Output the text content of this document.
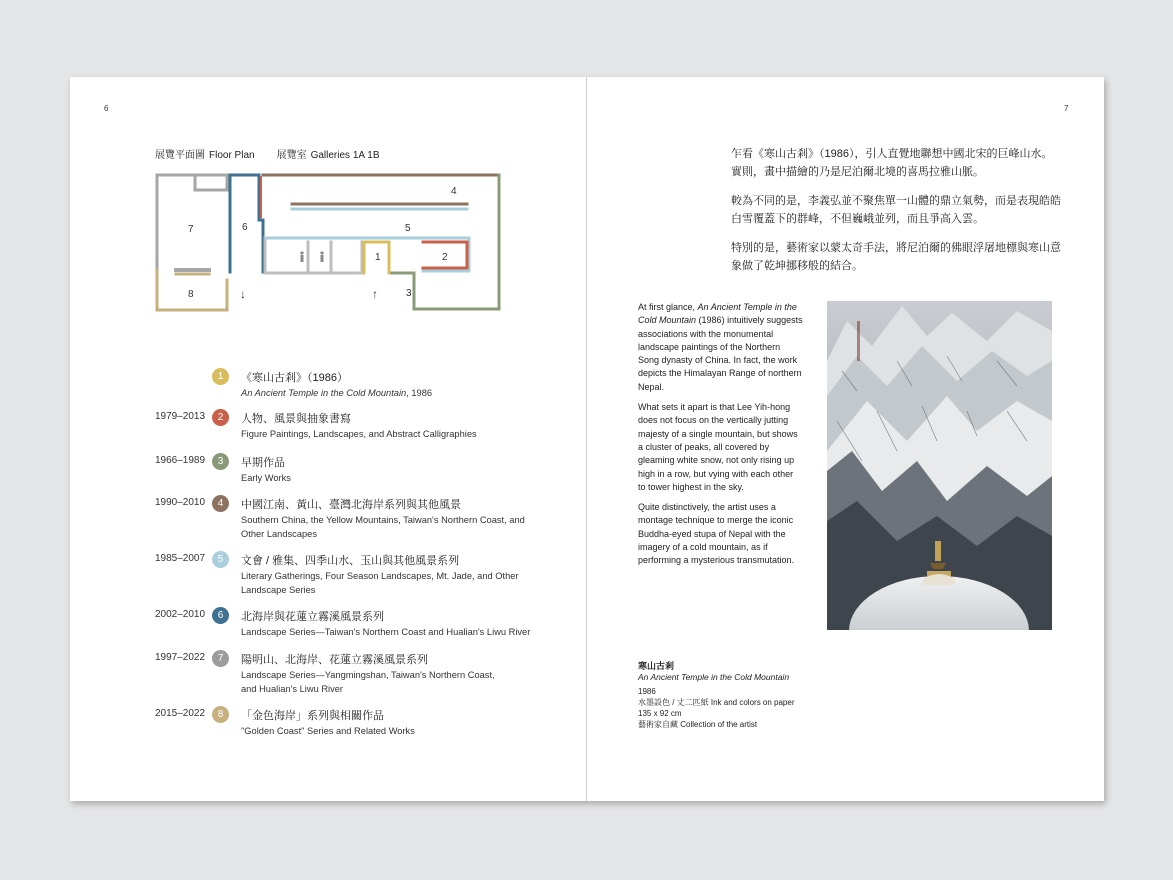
6	7
展覽平面圖 Floor Plan 展覽室 Galleries 1A 1B
1	2
3
4
5
6
7
8	↓	↑
1	《寒山古剎》（1986）
An Ancient Temple in the Cold Mountain, 1986
1979–2013	2	人物、風景與抽象書寫
Figure Paintings, Landscapes, and Abstract Calligraphies
1966–1989	3	早期作品
Early Works
1990–2010	4	中國江南、黃山、臺灣北海岸系列與其他風景
Southern China, the Yellow Mountains, Taiwan's Northern Coast, and Other Landscapes
1985–2007	5	文會 / 雅集、四季山水、玉山與其他風景系列
Literary Gatherings, Four Season Landscapes, Mt. Jade, and Other Landscape Series
2002–2010	6	北海岸與花蓮立霧溪風景系列
Landscape Series—Taiwan's Northern Coast and Hualian's Liwu River
1997–2022	7	陽明山、北海岸、花蓮立霧溪風景系列
Landscape Series—Yangmingshan, Taiwan's Northern Coast, and Hualian's Liwu River
2015–2022	8	「金色海岸」系列與相關作品
"Golden Coast" Series and Related Works

乍看《寒山古剎》（1986），引人直覺地聯想中國北宋的巨峰山水。實則，畫中描繪的乃是尼泊爾北境的喜馬拉雅山脈。

較為不同的是，李義弘並不聚焦單一山體的鼎立氣勢，而是表現皓皓白雪覆蓋下的群峰，不但巍峨並列，而且爭高入雲。

特別的是，藝術家以蒙太奇手法，將尼泊爾的佛眼浮屠地標與寒山意象做了乾坤挪移般的結合。

At first glance, An Ancient Temple in the Cold Mountain (1986) intuitively suggests associations with the monumental landscape paintings of the Northern Song dynasty of China. In fact, the work depicts the Himalayan Range of northern Nepal.

What sets it apart is that Lee Yih-hong does not focus on the vertically jutting majesty of a single mountain, but shows a cluster of peaks, all covered by gleaming white snow, not only rising up high in a row, but vying with each other to tower highest in the sky.

Quite distinctively, the artist uses a montage technique to merge the iconic Buddha-eyed stupa of Nepal with the imagery of a cold mountain, as if performing a mysterious transmutation.

寒山古剎
An Ancient Temple in the Cold Mountain
1986
水墨設色 / 丈二匹紙 Ink and colors on paper
135 x 92 cm
藝術家自藏 Collection of the artist
